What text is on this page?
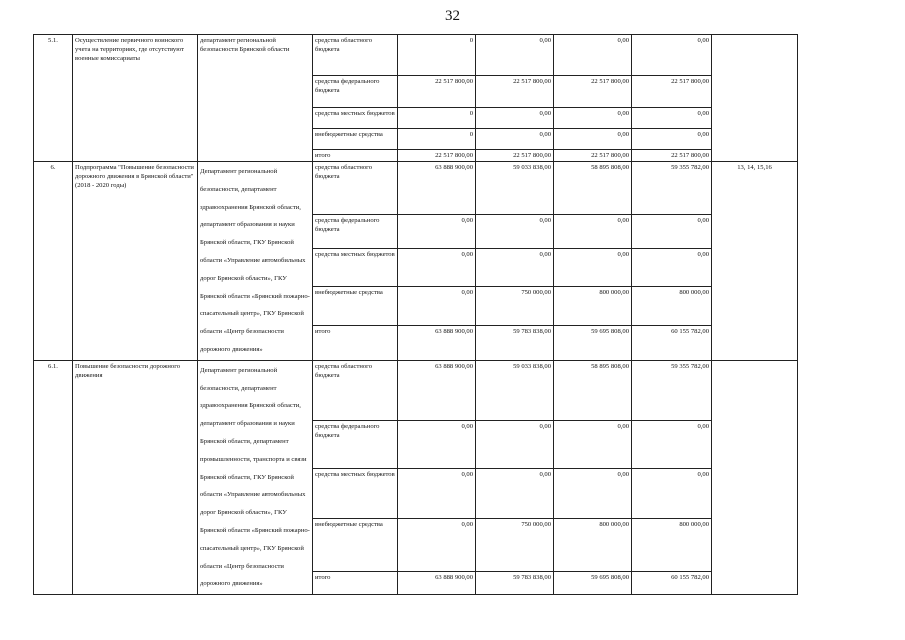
32
5.1.	Осуществление первичного воинского учета на территориях, где отсутствуют военные комиссариаты	департамент региональной безопасности Брянской области	средства областного бюджета	0	0,00	0,00	0,00	
			средства федерального бюджета	22 517 800,00	22 517 800,00	22 517 800,00	22 517 800,00	
			средства местных бюджетов	0	0,00	0,00	0,00	
			внебюджетные средства	0	0,00	0,00	0,00	
			итого	22 517 800,00	22 517 800,00	22 517 800,00	22 517 800,00	
6.	Подпрограмма "Повышение безопасности дорожного движения в Брянской области" (2018 - 2020 годы)	Департамент региональной безопасности, департамент здравоохранения Брянской области, департамент образования и науки Брянской области, ГКУ Брянской области «Управление автомобильных дорог Брянской области», ГКУ Брянской области «Брянский пожарно-спасательный центр», ГКУ Брянской области «Центр безопасности дорожного движения»	средства областного бюджета	63 888 900,00	59 033 838,00	58 895 808,00	59 355 782,00	13, 14, 15,16
			средства федерального бюджета	0,00	0,00	0,00	0,00	
			средства местных бюджетов	0,00	0,00	0,00	0,00	
			внебюджетные средства	0,00	750 000,00	800 000,00	800 000,00	
			итого	63 888 900,00	59 783 838,00	59 695 808,00	60 155 782,00	
6.1.	Повышение безопасности дорожного движения	Департамент региональной безопасности, департамент здравоохранения Брянской области, департамент образования и науки Брянской области, департамент промышленности, транспорта и связи Брянской области, ГКУ Брянской области «Управление автомобильных дорог Брянской области», ГКУ Брянской области «Брянский пожарно-спасательный центр», ГКУ Брянской области «Центр безопасности дорожного движения»	средства областного бюджета	63 888 900,00	59 033 838,00	58 895 808,00	59 355 782,00	
			средства федерального бюджета	0,00	0,00	0,00	0,00	
			средства местных бюджетов	0,00	0,00	0,00	0,00	
			внебюджетные средства	0,00	750 000,00	800 000,00	800 000,00	
			итого	63 888 900,00	59 783 838,00	59 695 808,00	60 155 782,00	
